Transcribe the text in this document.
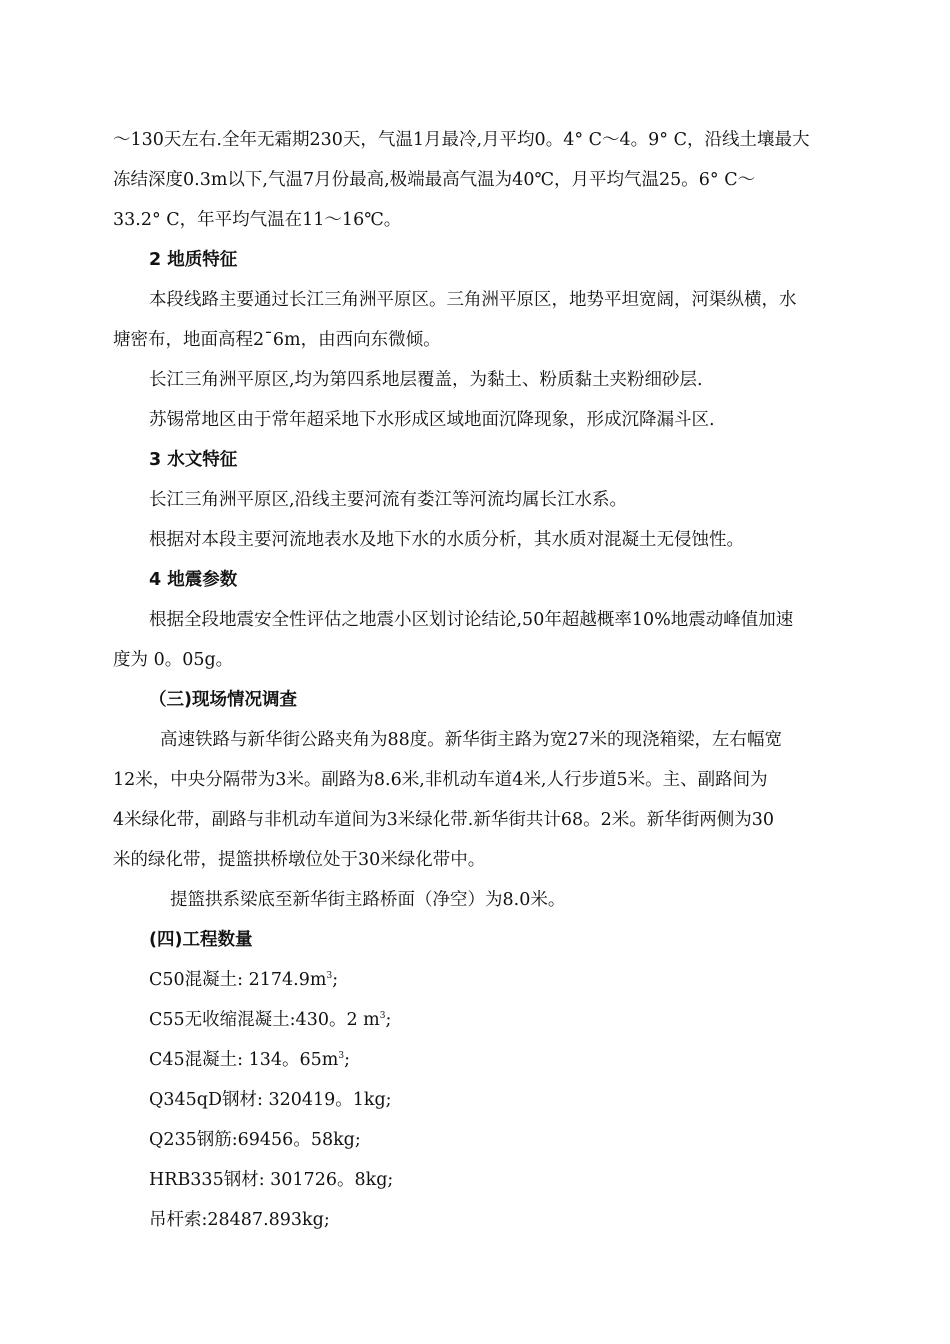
～130天左右.全年无霜期230天，气温1月最冷,月平均0。4° C～4。9° C，沿线土壤最大
冻结深度0.3m以下,气温7月份最高,极端最高气温为40℃，月平均气温25。6° C～
33.2° C，年平均气温在11～16℃。
2 地质特征
本段线路主要通过长江三角洲平原区。三角洲平原区，地势平坦宽阔，河渠纵横，水
塘密布，地面高程2¯6m，由西向东微倾。
长江三角洲平原区,均为第四系地层覆盖，为黏土、粉质黏土夹粉细砂层.
苏锡常地区由于常年超采地下水形成区域地面沉降现象，形成沉降漏斗区.
3 水文特征
长江三角洲平原区,沿线主要河流有娄江等河流均属长江水系。
根据对本段主要河流地表水及地下水的水质分析，其水质对混凝土无侵蚀性。
4 地震参数
根据全段地震安全性评估之地震小区划讨论结论,50年超越概率10%地震动峰值加速
度为 0。05g。
（三)现场情况调查
高速铁路与新华街公路夹角为88度。新华街主路为宽27米的现浇箱梁，左右幅宽
12米，中央分隔带为3米。副路为8.6米,非机动车道4米,人行步道5米。主、副路间为
4米绿化带，副路与非机动车道间为3米绿化带.新华街共计68。2米。新华街两侧为30
米的绿化带，提篮拱桥墩位处于30米绿化带中。
提篮拱系梁底至新华街主路桥面（净空）为8.0米。
(四)工程数量
C50混凝土: $2174.9m^3$;
C55无收缩混凝土:430。2 $m^3$;
C45混凝土: 134。$65m^3$;
Q345qD钢材: 320419。1kg;
Q235钢筋:69456。58kg;
HRB335钢材: 301726。8kg;
吊杆索:28487.893kg;
